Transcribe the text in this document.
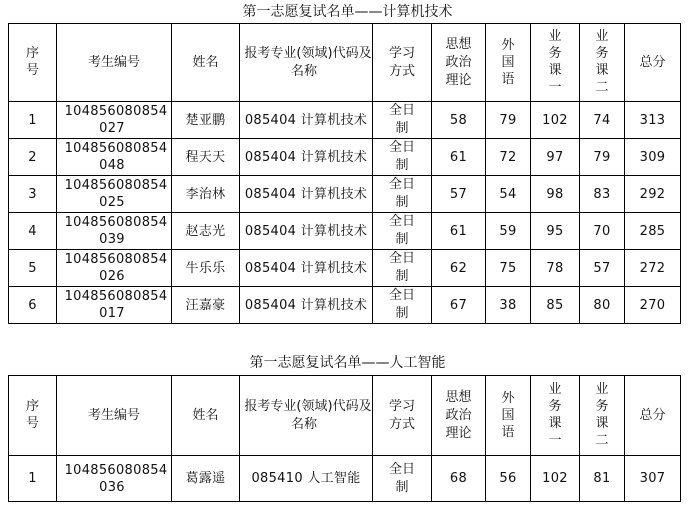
第一志愿复试名单——计算机技术
序号	考生编号	姓名	报考专业(领域)代码及名称	学习方式	思想政治理论	外国语	业务课一	业务课二	总分
1	104856080854027	楚亚鹏	085404 计算机技术	全日制	58	79	102	74	313
2	104856080854048	程天天	085404 计算机技术	全日制	61	72	97	79	309
3	104856080854025	李治林	085404 计算机技术	全日制	57	54	98	83	292
4	104856080854039	赵志光	085404 计算机技术	全日制	61	59	95	70	285
5	104856080854026	牛乐乐	085404 计算机技术	全日制	62	75	78	57	272
6	104856080854017	汪嘉豪	085404 计算机技术	全日制	67	38	85	80	270
第一志愿复试名单——人工智能
序号	考生编号	姓名	报考专业(领域)代码及名称	学习方式	思想政治理论	外国语	业务课一	业务课二	总分
1	104856080854036	葛露遥	085410 人工智能	全日制	68	56	102	81	307
